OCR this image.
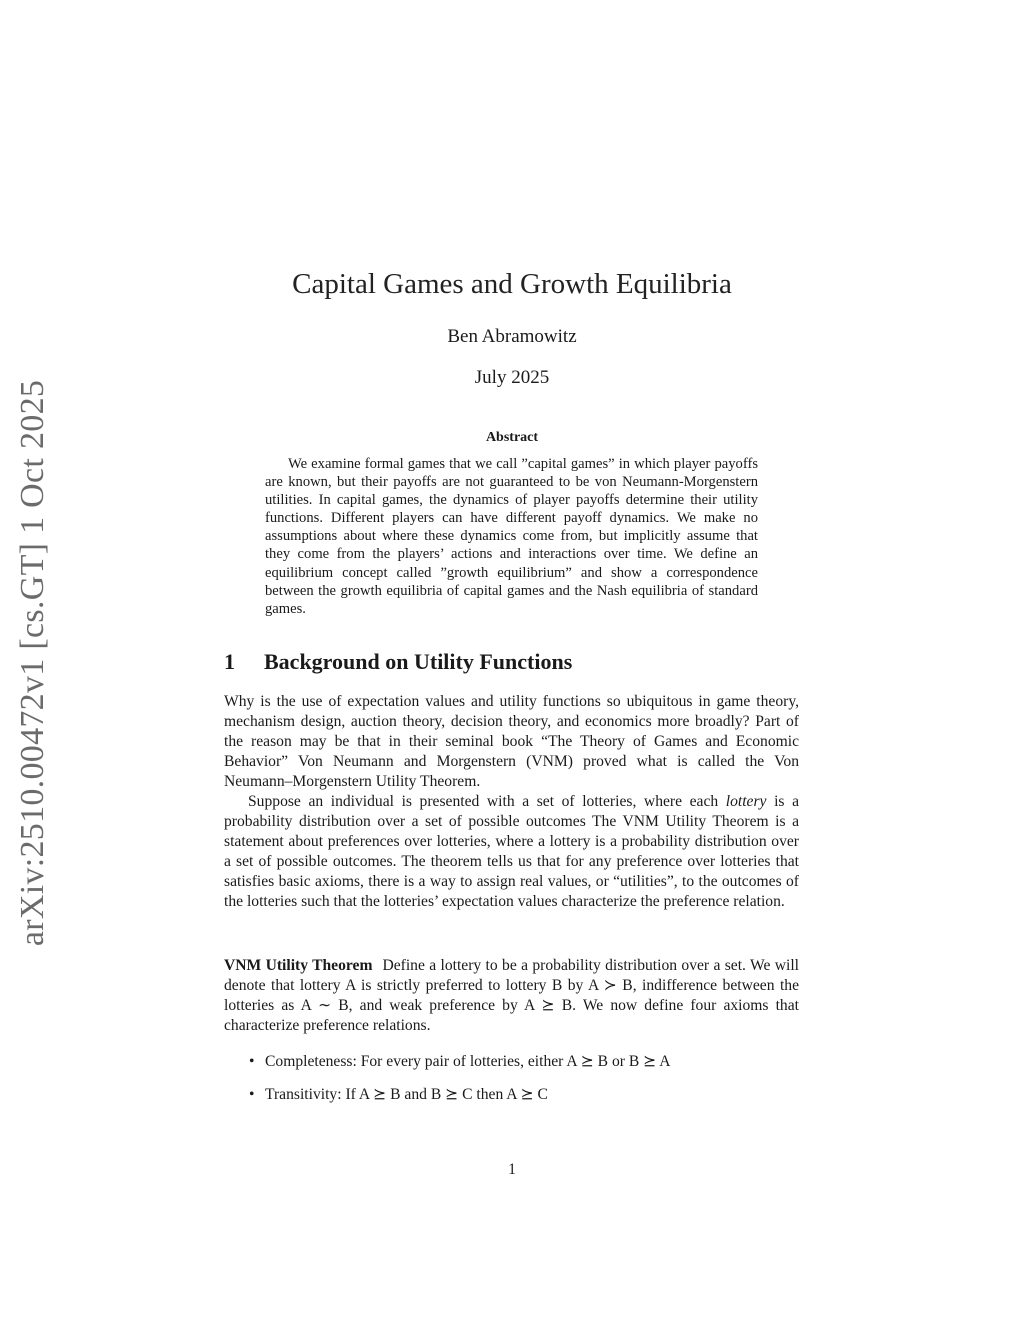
arXiv:2510.00472v1 [cs.GT] 1 Oct 2025
Capital Games and Growth Equilibria
Ben Abramowitz
July 2025
Abstract
We examine formal games that we call ”capital games” in which player payoffs are known, but their payoffs are not guaranteed to be von Neumann-Morgenstern utilities. In capital games, the dynamics of player payoffs determine their utility functions. Different players can have different payoff dynamics. We make no assumptions about where these dynamics come from, but implicitly assume that they come from the players’ actions and interactions over time. We define an equilibrium concept called ”growth equilibrium” and show a correspondence between the growth equilibria of capital games and the Nash equilibria of standard games.
1 Background on Utility Functions

Why is the use of expectation values and utility functions so ubiquitous in game theory, mechanism design, auction theory, decision theory, and economics more broadly? Part of the reason may be that in their seminal book “The Theory of Games and Economic Behavior” Von Neumann and Morgenstern (VNM) proved what is called the Von Neumann–Morgenstern Utility Theorem.

Suppose an individual is presented with a set of lotteries, where each lottery is a probability distribution over a set of possible outcomes The VNM Utility Theorem is a statement about preferences over lotteries, where a lottery is a probability distribution over a set of possible outcomes. The theorem tells us that for any preference over lotteries that satisfies basic axioms, there is a way to assign real values, or “utilities”, to the outcomes of the lotteries such that the lotteries’ expectation values characterize the preference relation.

VNM Utility Theorem Define a lottery to be a probability distribution over a set. We will denote that lottery A is strictly preferred to lottery B by A ≻ B, indifference between the lotteries as A ∼ B, and weak preference by A ⪰ B. We now define four axioms that characterize preference relations.

• Completeness: For every pair of lotteries, either A ⪰ B or B ⪰ A
• Transitivity: If A ⪰ B and B ⪰ C then A ⪰ C
1
